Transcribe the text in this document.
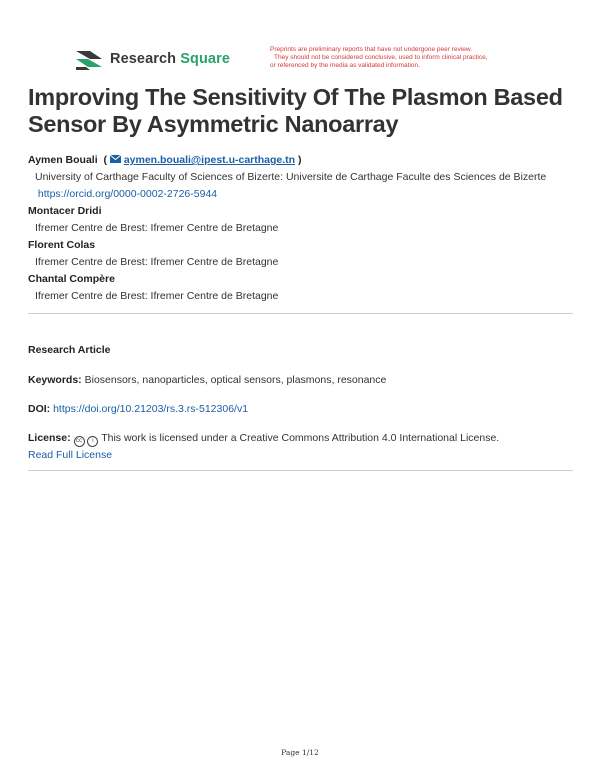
Research Square
Preprints are preliminary reports that have not undergone peer review.
They should not be considered conclusive, used to inform clinical practice,
or referenced by the media as validated information.
Improving The Sensitivity Of The Plasmon Based Sensor By Asymmetric Nanoarray
Aymen Bouali  ( aymen.bouali@ipest.u-carthage.tn )
University of Carthage Faculty of Sciences of Bizerte: Universite de Carthage Faculte des Sciences de Bizerte  https://orcid.org/0000-0002-2726-5944
Montacer Dridi
Ifremer Centre de Brest: Ifremer Centre de Bretagne
Florent Colas
Ifremer Centre de Brest: Ifremer Centre de Bretagne
Chantal Compère
Ifremer Centre de Brest: Ifremer Centre de Bretagne
Research Article
Keywords: Biosensors, nanoparticles, optical sensors, plasmons, resonance
DOI: https://doi.org/10.21203/rs.3.rs-512306/v1
License: cc i This work is licensed under a Creative Commons Attribution 4.0 International License.
Read Full License
Page 1/12
